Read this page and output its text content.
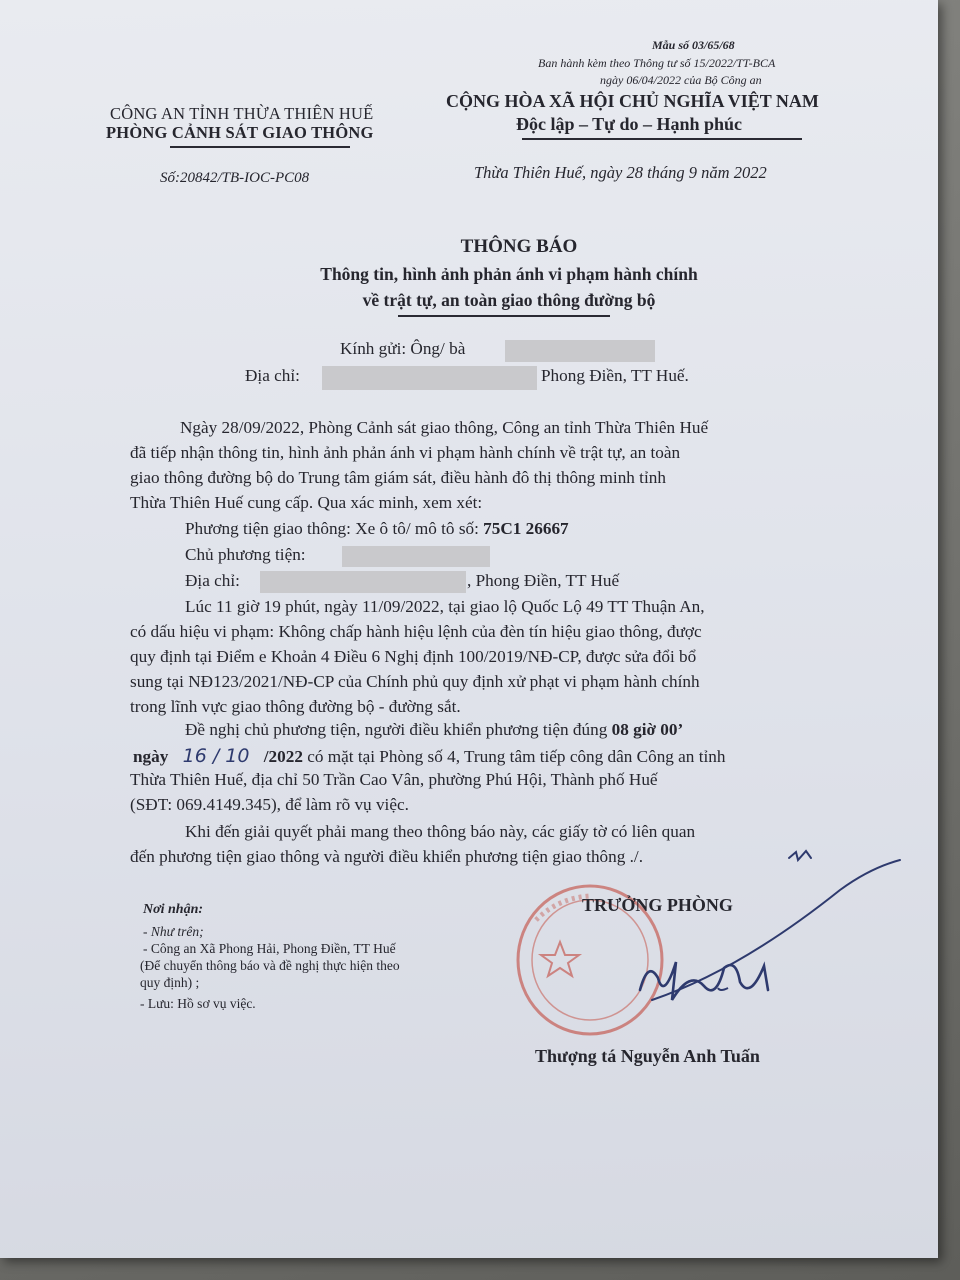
Mẫu số 03/65/68
Ban hành kèm theo Thông tư số 15/2022/TT-BCA
ngày 06/04/2022 của Bộ Công an
CÔNG AN TỈNH THỪA THIÊN HUẾ
PHÒNG CẢNH SÁT GIAO THÔNG
Số:20842/TB-IOC-PC08
CỘNG HÒA XÃ HỘI CHỦ NGHĨA VIỆT NAM
Độc lập – Tự do – Hạnh phúc
Thừa Thiên Huế, ngày 28 tháng 9 năm 2022
THÔNG BÁO
Thông tin, hình ảnh phản ánh vi phạm hành chính
về trật tự, an toàn giao thông đường bộ
Kính gửi: Ông/ bà
Địa chỉ:	Phong Điền, TT Huế.
Ngày 28/09/2022, Phòng Cảnh sát giao thông, Công an tỉnh Thừa Thiên Huế
đã tiếp nhận thông tin, hình ảnh phản ánh vi phạm hành chính về trật tự, an toàn
giao thông đường bộ do Trung tâm giám sát, điều hành đô thị thông minh tỉnh
Thừa Thiên Huế cung cấp. Qua xác minh, xem xét:
Phương tiện giao thông: Xe ô tô/ mô tô số: 75C1 26667
Chủ phương tiện:
Địa chỉ:	, Phong Điền, TT Huế
Lúc 11 giờ 19 phút, ngày 11/09/2022, tại giao lộ Quốc Lộ 49 TT Thuận An,
có dấu hiệu vi phạm: Không chấp hành hiệu lệnh của đèn tín hiệu giao thông, được
quy định tại Điểm e Khoản 4 Điều 6 Nghị định 100/2019/NĐ-CP, được sửa đổi bổ
sung tại NĐ123/2021/NĐ-CP của Chính phủ quy định xử phạt vi phạm hành chính
trong lĩnh vực giao thông đường bộ - đường sắt.
Đề nghị chủ phương tiện, người điều khiển phương tiện đúng 08 giờ 00’
ngày 16 / 10 /2022 có mặt tại Phòng số 4, Trung tâm tiếp công dân Công an tỉnh
Thừa Thiên Huế, địa chỉ 50 Trần Cao Vân, phường Phú Hội, Thành phố Huế
(SĐT: 069.4149.345), để làm rõ vụ việc.
Khi đến giải quyết phải mang theo thông báo này, các giấy tờ có liên quan
đến phương tiện giao thông và người điều khiển phương tiện giao thông ./.
Nơi nhận:
- Như trên;
- Công an Xã Phong Hải, Phong Điền, TT Huế
(Để chuyển thông báo và đề nghị thực hiện theo
quy định) ;
- Lưu: Hồ sơ vụ việc.
TRƯỞNG PHÒNG
Thượng tá Nguyễn Anh Tuấn
